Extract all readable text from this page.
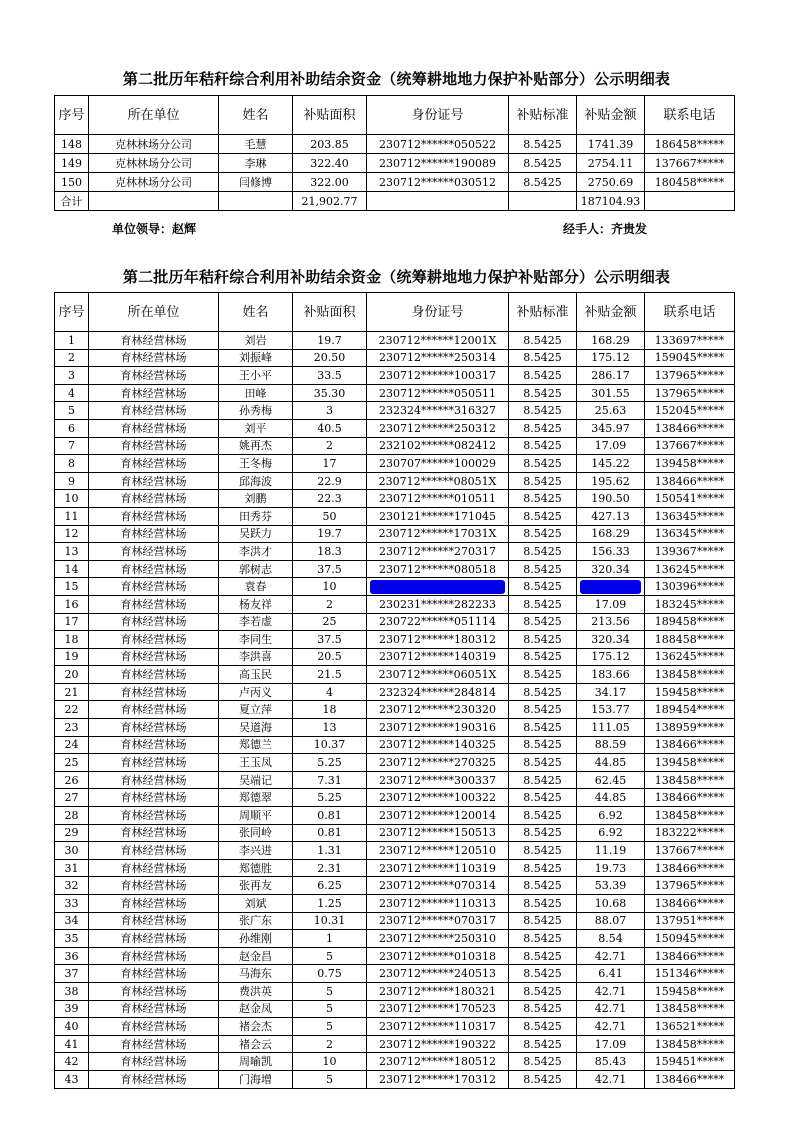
第二批历年秸秆综合利用补助结余资金（统筹耕地地力保护补贴部分）公示明细表
序号	所在单位	姓名	补贴面积	身份证号	补贴标准	补贴金额	联系电话
148	克林林场分公司	毛慧	203.85	230712******050522	8.5425	1741.39	186458*****
149	克林林场分公司	李琳	322.40	230712******190089	8.5425	2754.11	137667*****
150	克林林场分公司	闫修博	322.00	230712******030512	8.5425	2750.69	180458*****
合计			21,902.77			187104.93	
单位领导：赵辉	经手人：齐贵发
第二批历年秸秆综合利用补助结余资金（统筹耕地地力保护补贴部分）公示明细表
序号	所在单位	姓名	补贴面积	身份证号	补贴标准	补贴金额	联系电话
1	育林经营林场	刘岩	19.7	230712******12001X	8.5425	168.29	133697*****
2	育林经营林场	刘振峰	20.50	230712******250314	8.5425	175.12	159045*****
3	育林经营林场	王小平	33.5	230712******100317	8.5425	286.17	137965*****
4	育林经营林场	田峰	35.30	230712******050511	8.5425	301.55	137965*****
5	育林经营林场	孙秀梅	3	232324******316327	8.5425	25.63	152045*****
6	育林经营林场	刘平	40.5	230712******250312	8.5425	345.97	138466*****
7	育林经营林场	姚再杰	2	232102******082412	8.5425	17.09	137667*****
8	育林经营林场	王冬梅	17	230707******100029	8.5425	145.22	139458*****
9	育林经营林场	邱海波	22.9	230712******08051X	8.5425	195.62	138466*****
10	育林经营林场	刘鹏	22.3	230712******010511	8.5425	190.50	150541*****
11	育林经营林场	田秀芬	50	230121******171045	8.5425	427.13	136345*****
12	育林经营林场	吴跃力	19.7	230712******17031X	8.5425	168.29	136345*****
13	育林经营林场	李洪才	18.3	230712******270317	8.5425	156.33	139367*****
14	育林经营林场	郭树志	37.5	230712******080518	8.5425	320.34	136245*****
15	育林经营林场	袁春	10		8.5425		130396*****
16	育林经营林场	杨友祥	2	230231******282233	8.5425	17.09	183245*****
17	育林经营林场	李若虚	25	230722******051114	8.5425	213.56	189458*****
18	育林经营林场	李同生	37.5	230712******180312	8.5425	320.34	188458*****
19	育林经营林场	李洪喜	20.5	230712******140319	8.5425	175.12	136245*****
20	育林经营林场	高玉民	21.5	230712******06051X	8.5425	183.66	138458*****
21	育林经营林场	卢丙义	4	232324******284814	8.5425	34.17	159458*****
22	育林经营林场	夏立萍	18	230712******230320	8.5425	153.77	189454*****
23	育林经营林场	吴道海	13	230712******190316	8.5425	111.05	138959*****
24	育林经营林场	郑德兰	10.37	230712******140325	8.5425	88.59	138466*****
25	育林经营林场	王玉凤	5.25	230712******270325	8.5425	44.85	139458*****
26	育林经营林场	吴端记	7.31	230712******300337	8.5425	62.45	138458*****
27	育林经营林场	郑德翠	5.25	230712******100322	8.5425	44.85	138466*****
28	育林经营林场	周顺平	0.81	230712******120014	8.5425	6.92	138458*****
29	育林经营林场	张同岭	0.81	230712******150513	8.5425	6.92	183222*****
30	育林经营林场	李兴进	1.31	230712******120510	8.5425	11.19	137667*****
31	育林经营林场	郑德胜	2.31	230712******110319	8.5425	19.73	138466*****
32	育林经营林场	张再友	6.25	230712******070314	8.5425	53.39	137965*****
33	育林经营林场	刘斌	1.25	230712******110313	8.5425	10.68	138466*****
34	育林经营林场	张广东	10.31	230712******070317	8.5425	88.07	137951*****
35	育林经营林场	孙维刚	1	230712******250310	8.5425	8.54	150945*****
36	育林经营林场	赵金昌	5	230712******010318	8.5425	42.71	138466*****
37	育林经营林场	马海东	0.75	230712******240513	8.5425	6.41	151346*****
38	育林经营林场	费洪英	5	230712******180321	8.5425	42.71	159458*****
39	育林经营林场	赵金凤	5	230712******170523	8.5425	42.71	138458*****
40	育林经营林场	褚会杰	5	230712******110317	8.5425	42.71	136521*****
41	育林经营林场	褚会云	2	230712******190322	8.5425	17.09	138458*****
42	育林经营林场	周喻凯	10	230712******180512	8.5425	85.43	159451*****
43	育林经营林场	门海增	5	230712******170312	8.5425	42.71	138466*****
